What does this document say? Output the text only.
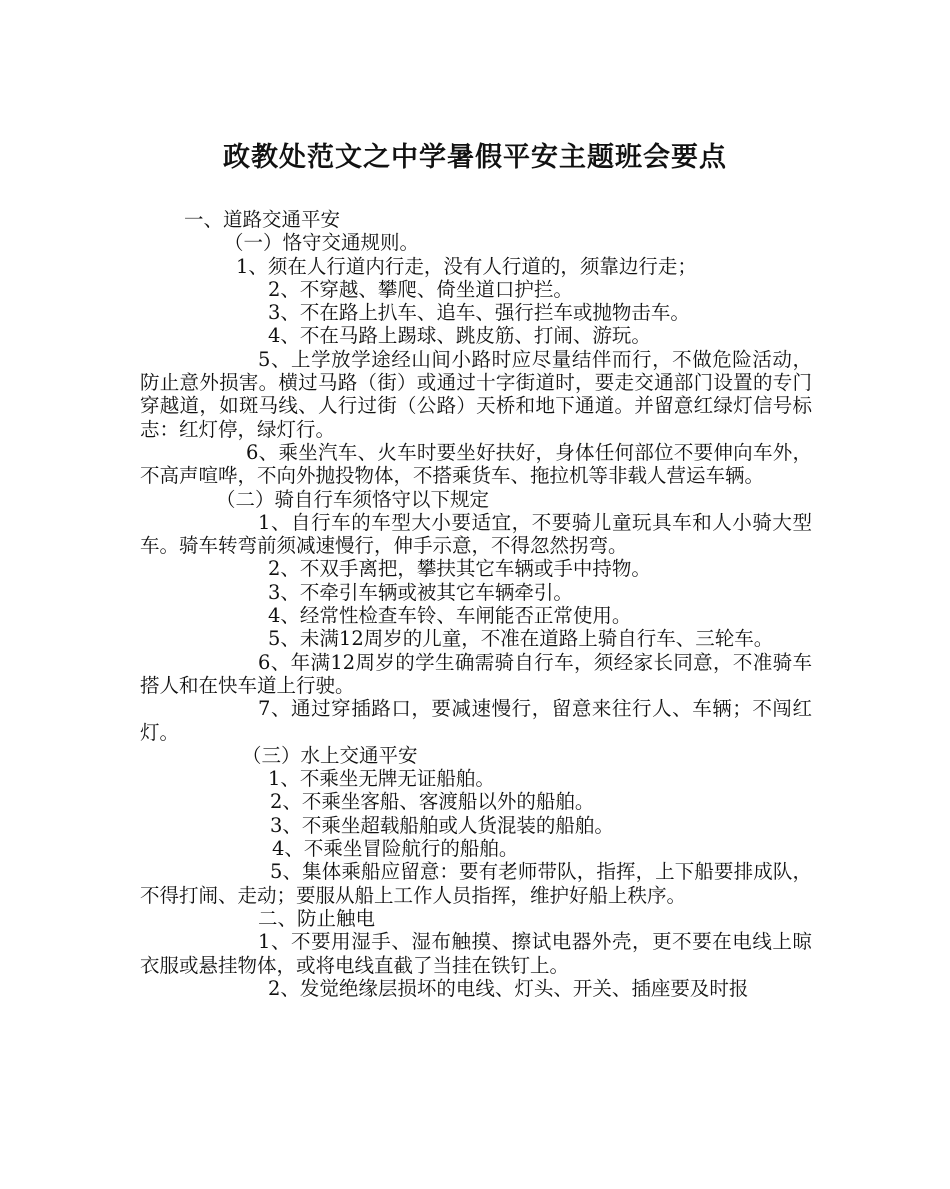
政教处范文之中学暑假平安主题班会要点

一、道路交通平安

（一）恪守交通规则。

1、须在人行道内行走，没有人行道的，须靠边行走；

2、不穿越、攀爬、倚坐道口护拦。

3、不在路上扒车、追车、强行拦车或抛物击车。

4、不在马路上踢球、跳皮筋、打闹、游玩。

5、上学放学途经山间小路时应尽量结伴而行，不做危险活动，防止意外损害。横过马路（街）或通过十字街道时，要走交通部门设置的专门穿越道，如斑马线、人行过街（公路）天桥和地下通道。并留意红绿灯信号标志：红灯停，绿灯行。

6、乘坐汽车、火车时要坐好扶好，身体任何部位不要伸向车外，不高声喧哗，不向外抛投物体，不搭乘货车、拖拉机等非载人营运车辆。

（二）骑自行车须恪守以下规定

1、自行车的车型大小要适宜，不要骑儿童玩具车和人小骑大型车。骑车转弯前须减速慢行，伸手示意，不得忽然拐弯。

2、不双手离把，攀扶其它车辆或手中持物。

3、不牵引车辆或被其它车辆牵引。

4、经常性检查车铃、车闸能否正常使用。

5、未满12周岁的儿童，不准在道路上骑自行车、三轮车。

6、年满12周岁的学生确需骑自行车，须经家长同意，不准骑车搭人和在快车道上行驶。

7、通过穿插路口，要减速慢行，留意来往行人、车辆；不闯红灯。

（三）水上交通平安

1、不乘坐无牌无证船舶。

2、不乘坐客船、客渡船以外的船舶。

3、不乘坐超载船舶或人货混装的船舶。

4、不乘坐冒险航行的船舶。

5、集体乘船应留意：要有老师带队，指挥，上下船要排成队，不得打闹、走动；要服从船上工作人员指挥，维护好船上秩序。

二、防止触电

1、不要用湿手、湿布触摸、擦试电器外壳，更不要在电线上晾衣服或悬挂物体，或将电线直截了当挂在铁钉上。

2、发觉绝缘层损坏的电线、灯头、开关、插座要及时报
